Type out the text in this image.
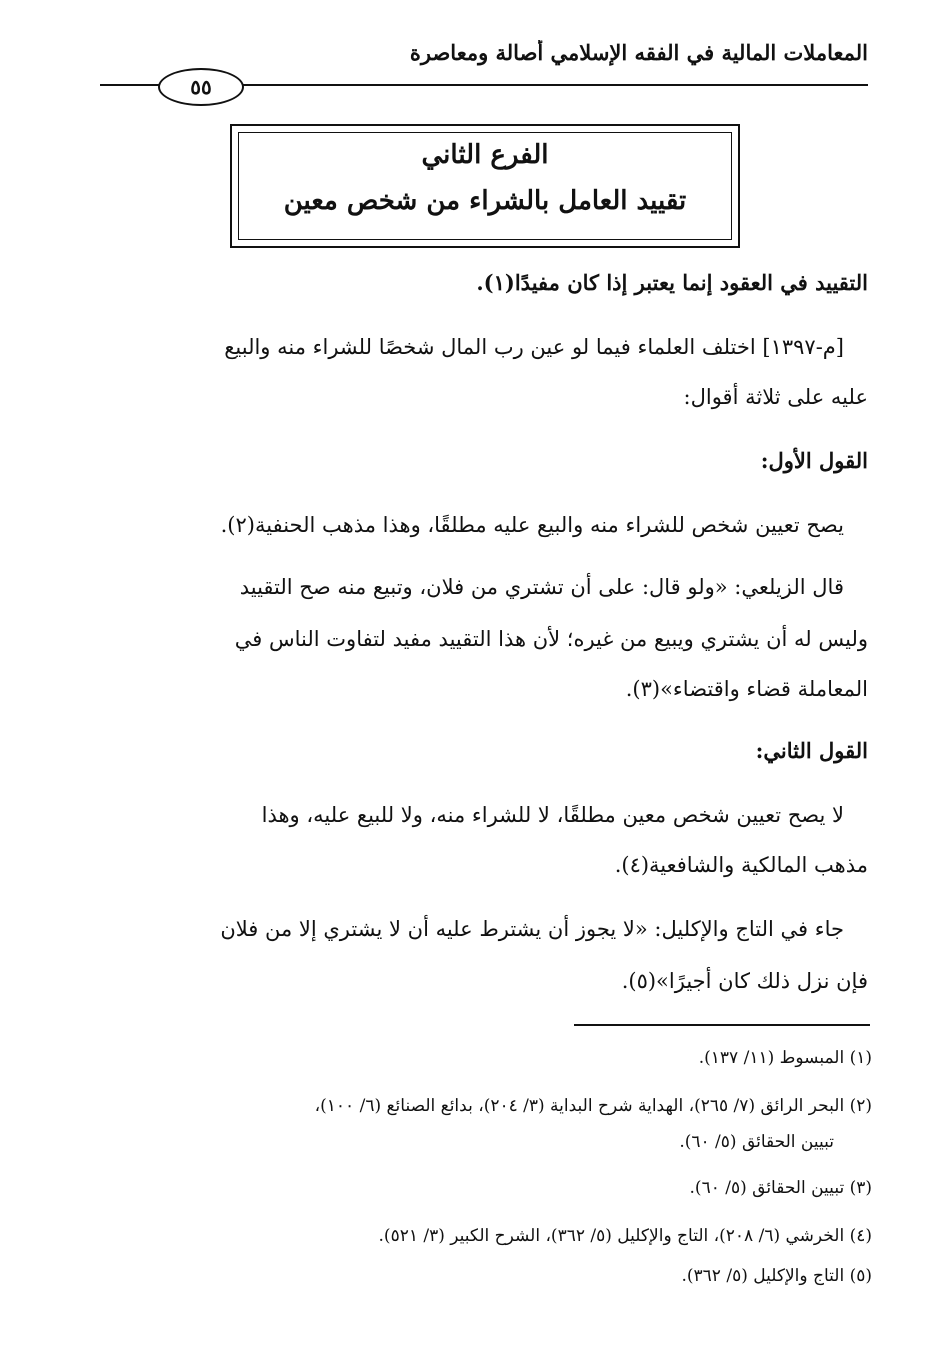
المعاملات المالية في الفقه الإسلامي أصالة ومعاصرة
٥٥
الفرع الثاني
تقييد العامل بالشراء من شخص معين
التقييد في العقود إنما يعتبر إذا كان مفيدًا(١).
[م-١٣٩٧] اختلف العلماء فيما لو عين رب المال شخصًا للشراء منه والبيع
عليه على ثلاثة أقوال:
القول الأول:
يصح تعيين شخص للشراء منه والبيع عليه مطلقًا، وهذا مذهب الحنفية(٢).
قال الزيلعي: «ولو قال: على أن تشتري من فلان، وتبيع منه صح التقييد
وليس له أن يشتري ويبيع من غيره؛ لأن هذا التقييد مفيد لتفاوت الناس في
المعاملة قضاء واقتضاء»(٣).
القول الثاني:
لا يصح تعيين شخص معين مطلقًا، لا للشراء منه، ولا للبيع عليه، وهذا
مذهب المالكية والشافعية(٤).
جاء في التاج والإكليل: «لا يجوز أن يشترط عليه أن لا يشتري إلا من فلان
فإن نزل ذلك كان أجيرًا»(٥).
(١) المبسوط (١١/ ١٣٧).
(٢) البحر الرائق (٧/ ٢٦٥)، الهداية شرح البداية (٣/ ٢٠٤)، بدائع الصنائع (٦/ ١٠٠)،
تبيين الحقائق (٥/ ٦٠).
(٣) تبيين الحقائق (٥/ ٦٠).
(٤) الخرشي (٦/ ٢٠٨)، التاج والإكليل (٥/ ٣٦٢)، الشرح الكبير (٣/ ٥٢١).
(٥) التاج والإكليل (٥/ ٣٦٢).
